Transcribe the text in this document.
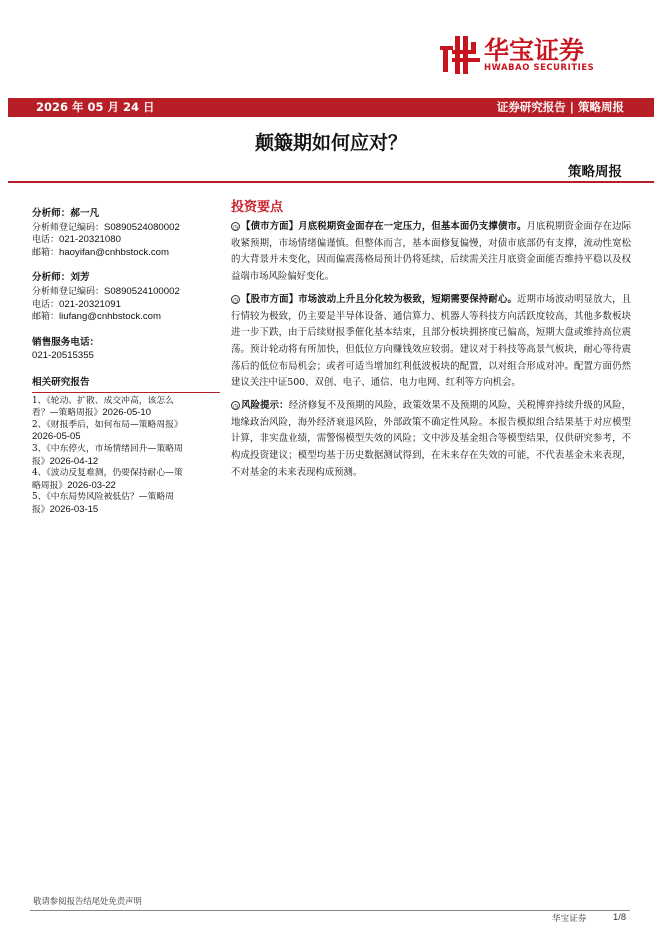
华宝证券
HWABAO SECURITIES
2026 年 05 月 24 日	证券研究报告 | 策略周报
颠簸期如何应对？
策略周报
分析师：郝一凡
分析师登记编码：S0890524080002
电话：021-20321080
邮箱：haoyifan@cnhbstock.com
分析师：刘芳
分析师登记编码：S0890524100002
电话：021-20321091
邮箱：liufang@cnhbstock.com
销售服务电话：
021-20515355
相关研究报告
1、《轮动、扩散、成交冲高，该怎么
看？—策略周报》2026-05-10
2、《财报季后，如何布局—策略周报》
2026-05-05
3、《中东停火，市场情绪回升—策略周
报》2026-04-12
4、《波动反复难测，仍要保持耐心—策
略周报》2026-03-22
5、《中东局势风险被低估？—策略周
报》2026-03-15
投资要点
◷ 【债市方面】月底税期资金面存在一定压力，但基本面仍支撑债市。月底税期资金面存在边际收紧预期，市场情绪偏谨慎。但整体而言，基本面修复偏慢，对债市底部仍有支撑，流动性宽松的大背景并未变化，因而偏震荡格局预计仍将延续，后续需关注月底资金面能否维持平稳以及权益端市场风险偏好变化。
◷ 【股市方面】市场波动上升且分化较为极致，短期需要保持耐心。近期市场波动明显放大，且行情较为极致，仍主要是半导体设备、通信算力、机器人等科技方向活跃度较高，其他多数板块进一步下跌，由于后续财报季催化基本结束，且部分板块拥挤度已偏高，短期大盘或维持高位震荡。预计轮动将有所加快，但低位方向赚钱效应较弱。建议对于科技等高景气板块，耐心等待震荡后的低位布局机会；或者可适当增加红利低波板块的配置，以对组合形成对冲。配置方面仍然建议关注中证500、双创、电子、通信、电力电网、红利等方向机会。
◷ 风险提示：经济修复不及预期的风险，政策效果不及预期的风险，关税博弈持续升级的风险，地缘政治风险，海外经济衰退风险，外部政策不确定性风险。本报告模拟组合结果基于对应模型计算，非实盘业绩，需警惕模型失效的风险；文中涉及基金组合等模型结果，仅供研究参考，不构成投资建议；模型均基于历史数据测试得到，在未来存在失效的可能，不代表基金未来表现，不对基金的未来表现构成预测。
敬请参阅报告结尾处免责声明
华宝证券	1/8
